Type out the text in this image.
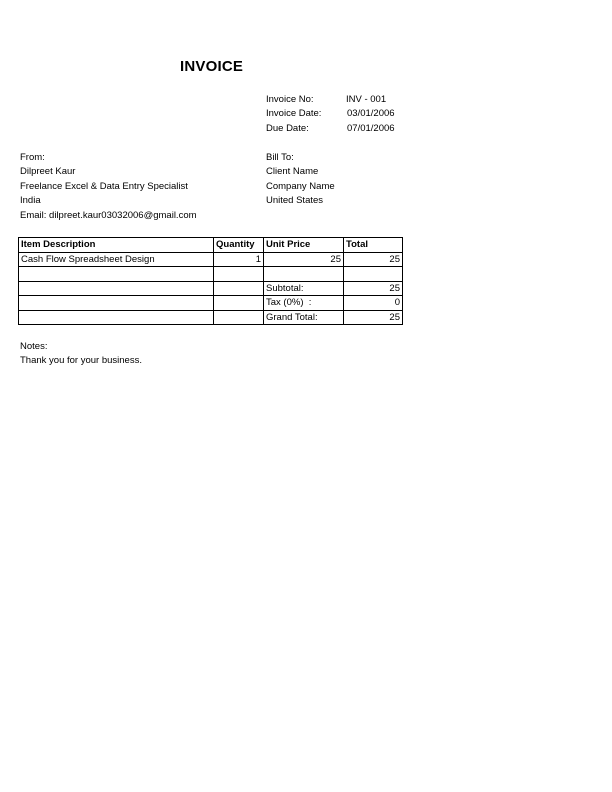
INVOICE
Invoice No:	INV - 001
Invoice Date:	03/01/2006
Due Date:	07/01/2006
From:
Dilpreet Kaur
Freelance Excel & Data Entry Specialist
India
Email: dilpreet.kaur03032006@gmail.com
Bill To:
Client Name
Company Name
United States
Item Description	Quantity	Unit Price	Total
Cash Flow Spreadsheet Design	1	25	25

		Subtotal:	25
		Tax (0%)  :	0
		Grand Total:	25
Notes:
Thank you for your business.
